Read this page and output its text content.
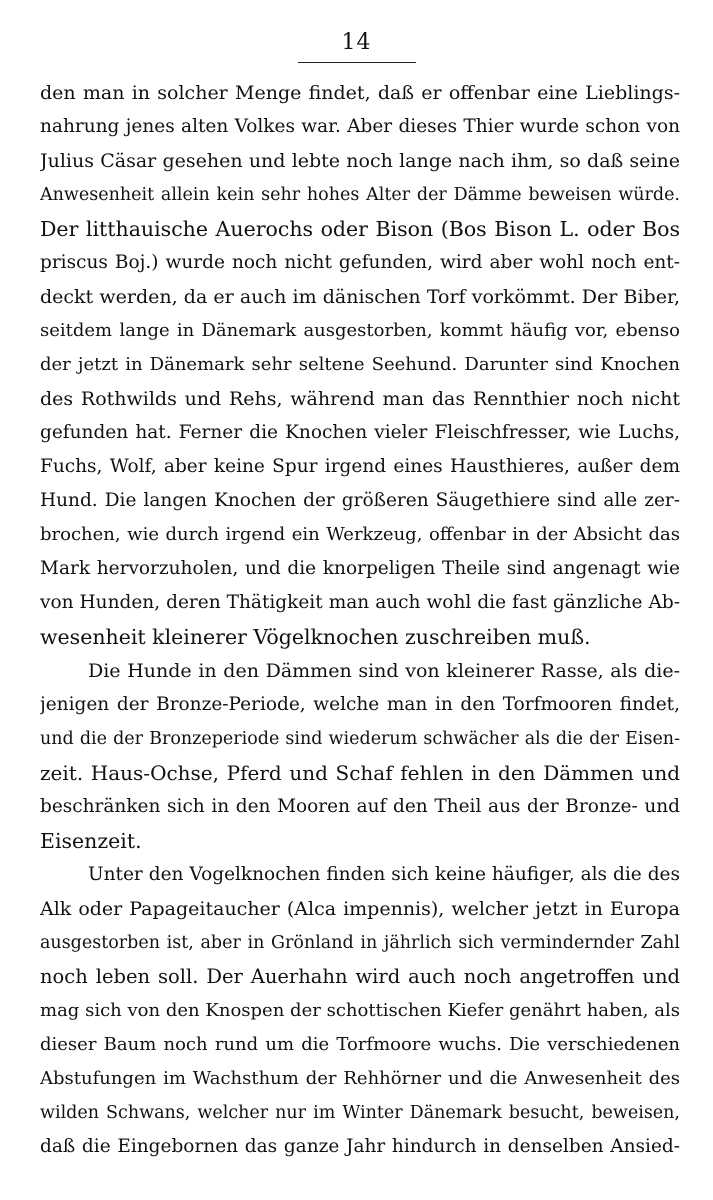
14
den man in solcher Menge findet, daß er offenbar eine Lieblings-
nahrung jenes alten Volkes war. Aber dieses Thier wurde schon von
Julius Cäsar gesehen und lebte noch lange nach ihm, so daß seine
Anwesenheit allein kein sehr hohes Alter der Dämme beweisen würde.
Der litthauische Auerochs oder Bison (Bos Bison L. oder Bos
priscus Boj.) wurde noch nicht gefunden, wird aber wohl noch ent-
deckt werden, da er auch im dänischen Torf vorkömmt. Der Biber,
seitdem lange in Dänemark ausgestorben, kommt häufig vor, ebenso
der jetzt in Dänemark sehr seltene Seehund. Darunter sind Knochen
des Rothwilds und Rehs, während man das Rennthier noch nicht
gefunden hat. Ferner die Knochen vieler Fleischfresser, wie Luchs,
Fuchs, Wolf, aber keine Spur irgend eines Hausthieres, außer dem
Hund. Die langen Knochen der größeren Säugethiere sind alle zer-
brochen, wie durch irgend ein Werkzeug, offenbar in der Absicht das
Mark hervorzuholen, und die knorpeligen Theile sind angenagt wie
von Hunden, deren Thätigkeit man auch wohl die fast gänzliche Ab-
wesenheit kleinerer Vögelknochen zuschreiben muß.
Die Hunde in den Dämmen sind von kleinerer Rasse, als die-
jenigen der Bronze-Periode, welche man in den Torfmooren findet,
und die der Bronzeperiode sind wiederum schwächer als die der Eisen-
zeit. Haus-Ochse, Pferd und Schaf fehlen in den Dämmen und
beschränken sich in den Mooren auf den Theil aus der Bronze- und
Eisenzeit.
Unter den Vogelknochen finden sich keine häufiger, als die des
Alk oder Papageitaucher (Alca impennis), welcher jetzt in Europa
ausgestorben ist, aber in Grönland in jährlich sich vermindernder Zahl
noch leben soll. Der Auerhahn wird auch noch angetroffen und
mag sich von den Knospen der schottischen Kiefer genährt haben, als
dieser Baum noch rund um die Torfmoore wuchs. Die verschiedenen
Abstufungen im Wachsthum der Rehhörner und die Anwesenheit des
wilden Schwans, welcher nur im Winter Dänemark besucht, beweisen,
daß die Eingebornen das ganze Jahr hindurch in denselben Ansied-
